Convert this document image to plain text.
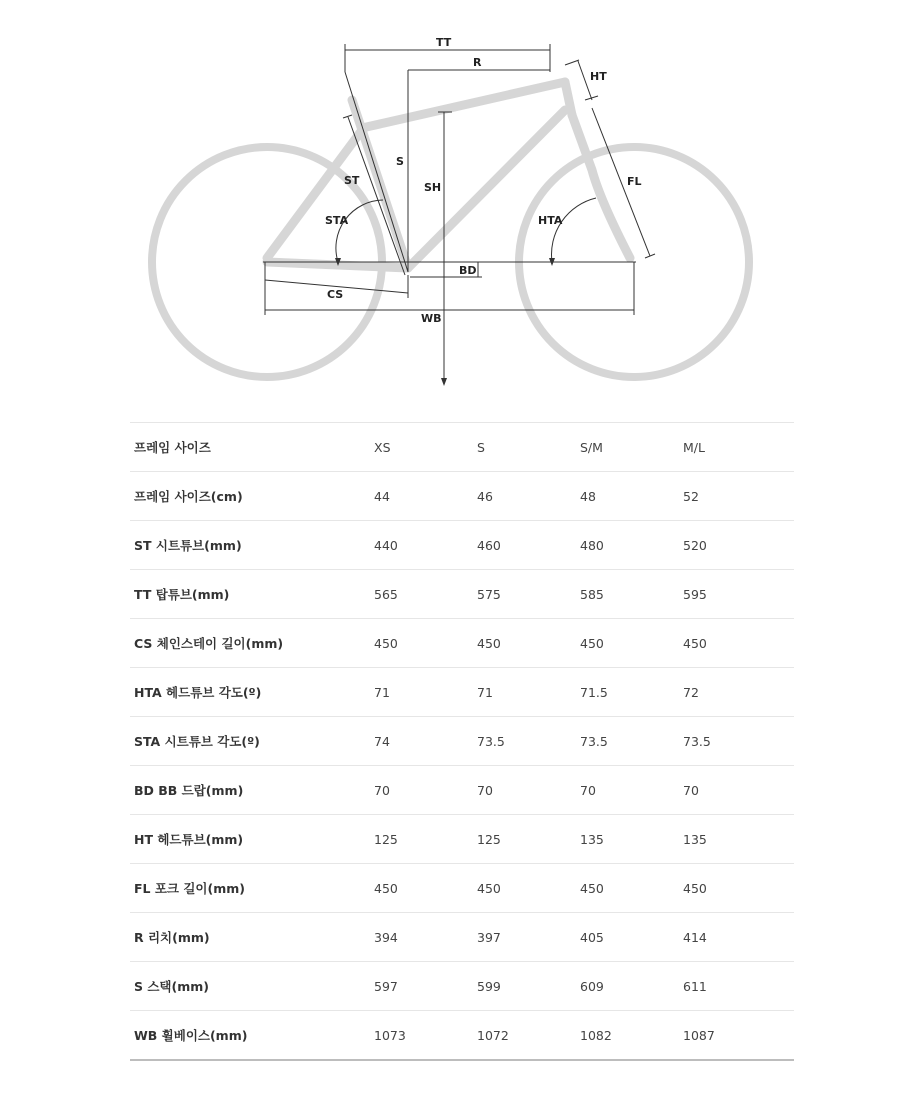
TT
R
HT
S
ST
SH
STA	HTA
FL
BD
CS
WB
프레임 사이즈	XS	S	S/M	M/L
프레임 사이즈(cm)	44	46	48	52
ST 시트튜브(mm)	440	460	480	520
TT 탑튜브(mm)	565	575	585	595
CS 체인스테이 길이(mm)	450	450	450	450
HTA 헤드튜브 각도(º)	71	71	71.5	72
STA 시트튜브 각도(º)	74	73.5	73.5	73.5
BD BB 드랍(mm)	70	70	70	70
HT 헤드튜브(mm)	125	125	135	135
FL 포크 길이(mm)	450	450	450	450
R 리치(mm)	394	397	405	414
S 스택(mm)	597	599	609	611
WB 휠베이스(mm)	1073	1072	1082	1087
